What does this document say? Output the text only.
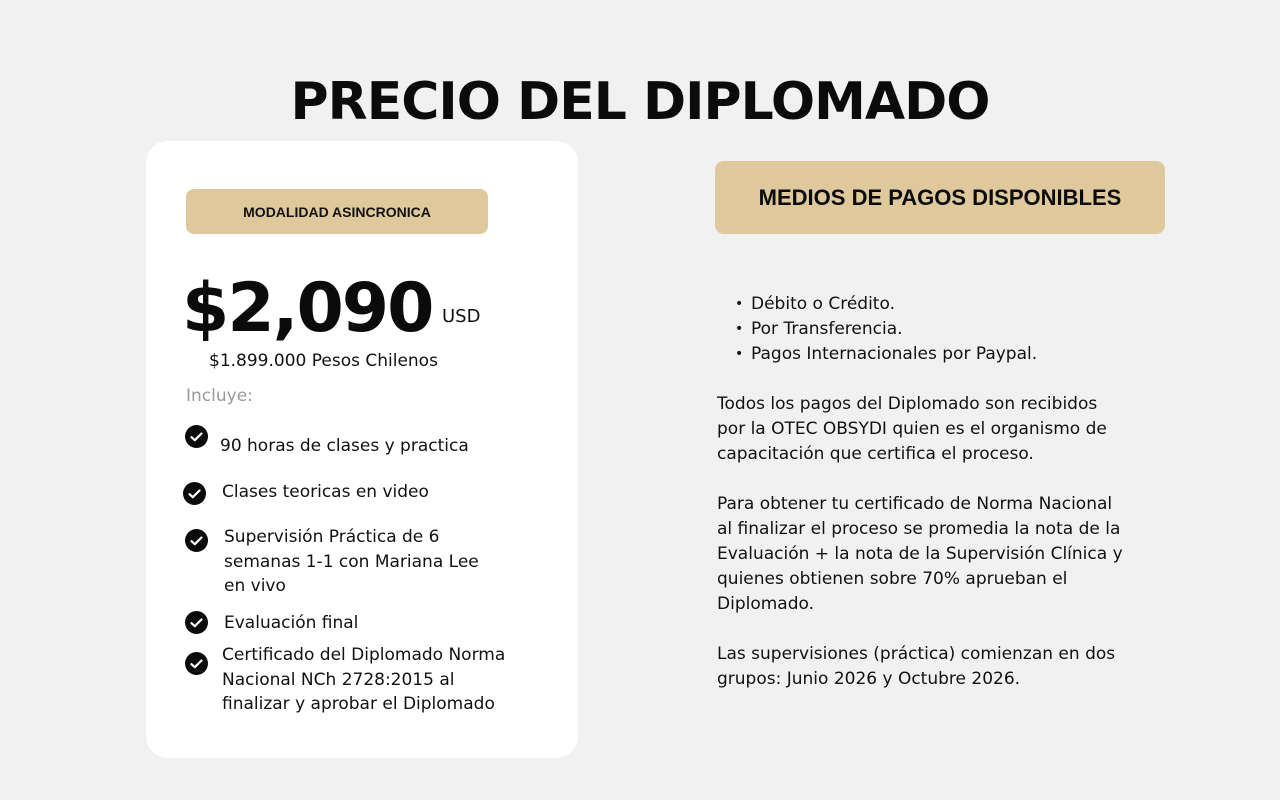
PRECIO DEL DIPLOMADO
MODALIDAD ASINCRONICA
$2,090 USD
$1.899.000 Pesos Chilenos
Incluye:
90 horas de clases y practica
Clases teoricas en video
Supervisión Práctica de 6
semanas 1-1 con Mariana Lee
en vivo
Evaluación final
Certificado del Diplomado Norma
Nacional NCh 2728:2015 al
finalizar y aprobar el Diplomado
MEDIOS DE PAGOS DISPONIBLES
• Débito o Crédito.
• Por Transferencia.
• Pagos Internacionales por Paypal.
Todos los pagos del Diplomado son recibidos
por la OTEC OBSYDI quien es el organismo de
capacitación que certifica el proceso.
Para obtener tu certificado de Norma Nacional
al finalizar el proceso se promedia la nota de la
Evaluación + la nota de la Supervisión Clínica y
quienes obtienen sobre 70% aprueban el
Diplomado.
Las supervisiones (práctica) comienzan en dos
grupos: Junio 2026 y Octubre 2026.
